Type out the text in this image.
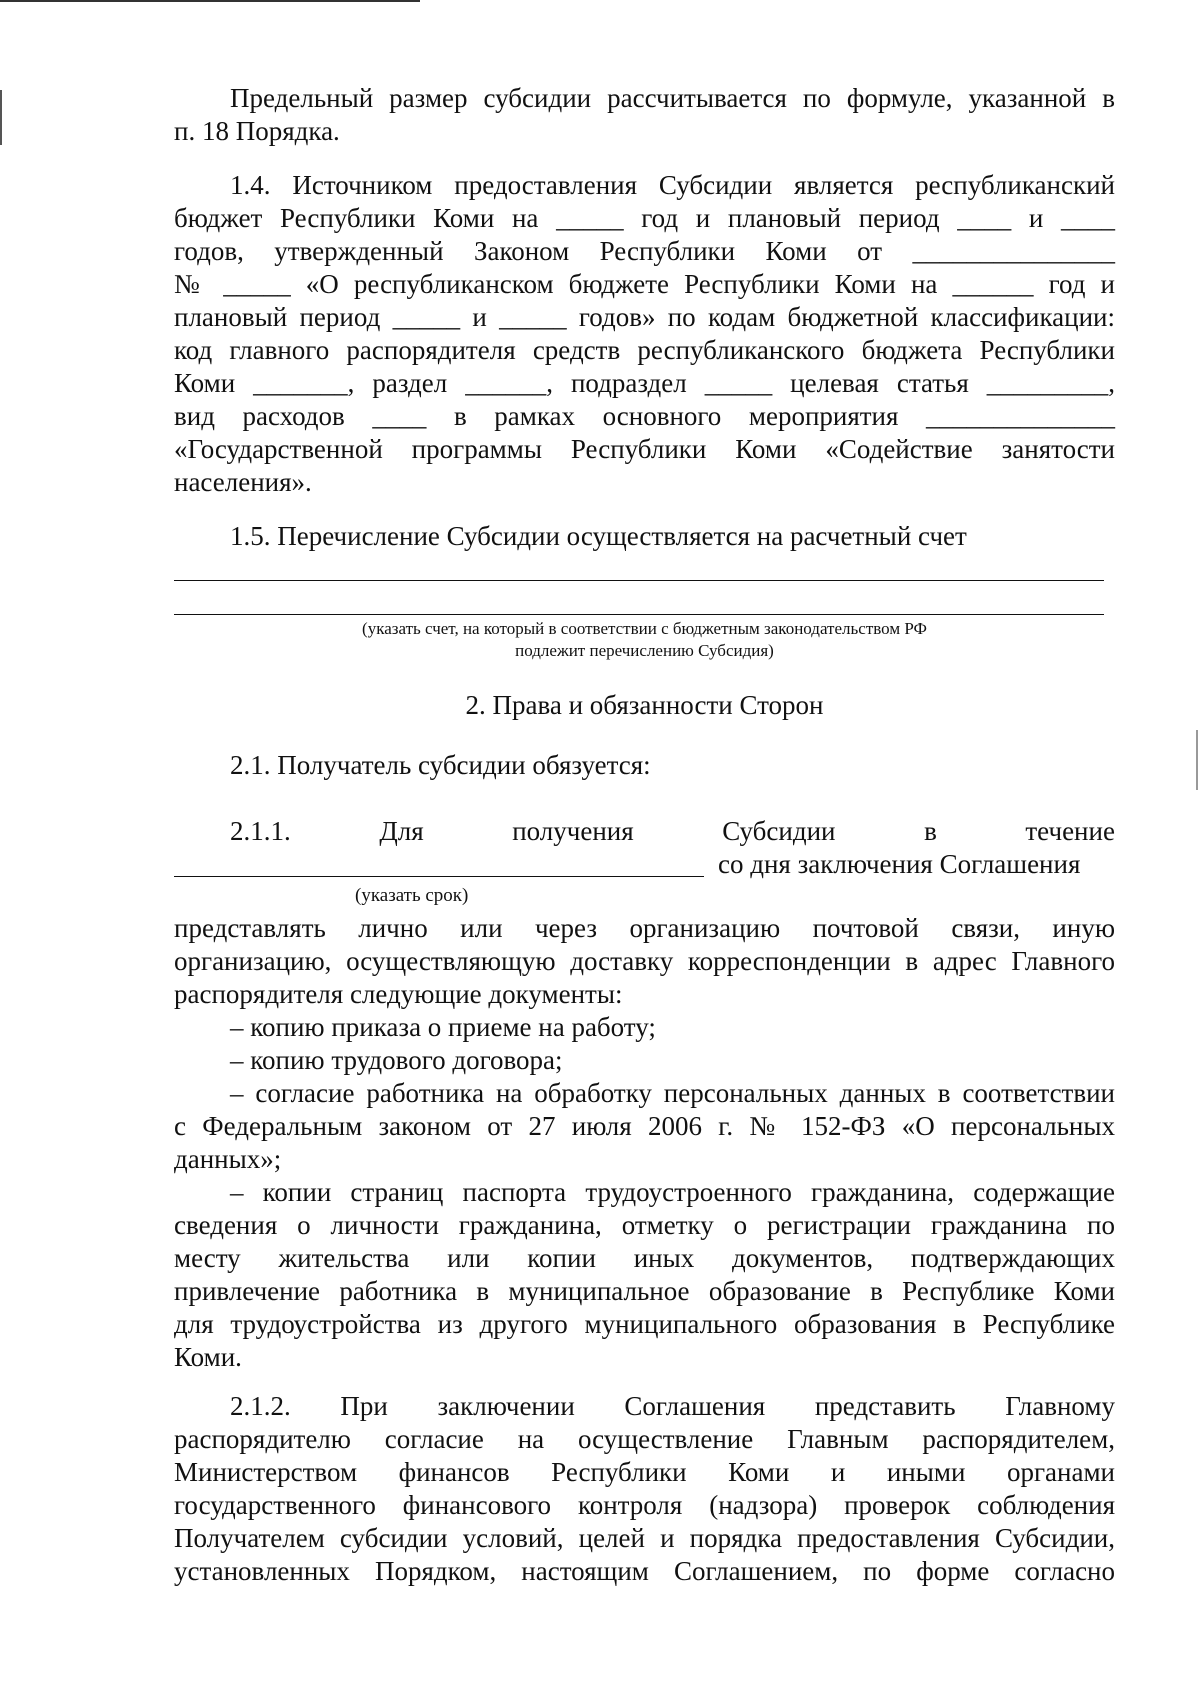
Предельный размер субсидии рассчитывается по формуле, указанной в
п. 18 Порядка.
1.4. Источником предоставления Субсидии является республиканский
бюджет Республики Коми на _____ год и плановый период ____ и ____
годов, утвержденный Законом Республики Коми от _______________
№ _____ «О республиканском бюджете Республики Коми на ______ год и
плановый период _____ и _____ годов» по кодам бюджетной классификации:
код главного распорядителя средств республиканского бюджета Республики
Коми _______, раздел ______, подраздел _____ целевая статья _________,
вид расходов ____ в рамках основного мероприятия ______________
«Государственной программы Республики Коми «Содействие занятости
населения».
1.5. Перечисление Субсидии осуществляется на расчетный счет
(указать счет, на который в соответствии с бюджетным законодательством РФ
подлежит перечислению Субсидия)
2. Права и обязанности Сторон
2.1. Получатель субсидии обязуется:
2.1.1.	Для	получения	Субсидии	в	течение
со дня заключения Соглашения
(указать срок)
представлять лично или через организацию почтовой связи, иную
организацию, осуществляющую доставку корреспонденции в адрес Главного
распорядителя следующие документы:
– копию приказа о приеме на работу;
– копию трудового договора;
– согласие работника на обработку персональных данных в соответствии
с Федеральным законом от 27 июля 2006 г. № 152-ФЗ «О персональных
данных»;
– копии страниц паспорта трудоустроенного гражданина, содержащие
сведения о личности гражданина, отметку о регистрации гражданина по
месту жительства или копии иных документов, подтверждающих
привлечение работника в муниципальное образование в Республике Коми
для трудоустройства из другого муниципального образования в Республике
Коми.
2.1.2. При заключении Соглашения представить Главному
распорядителю согласие на осуществление Главным распорядителем,
Министерством финансов Республики Коми и иными органами
государственного финансового контроля (надзора) проверок соблюдения
Получателем субсидии условий, целей и порядка предоставления Субсидии,
установленных Порядком, настоящим Соглашением, по форме согласно
